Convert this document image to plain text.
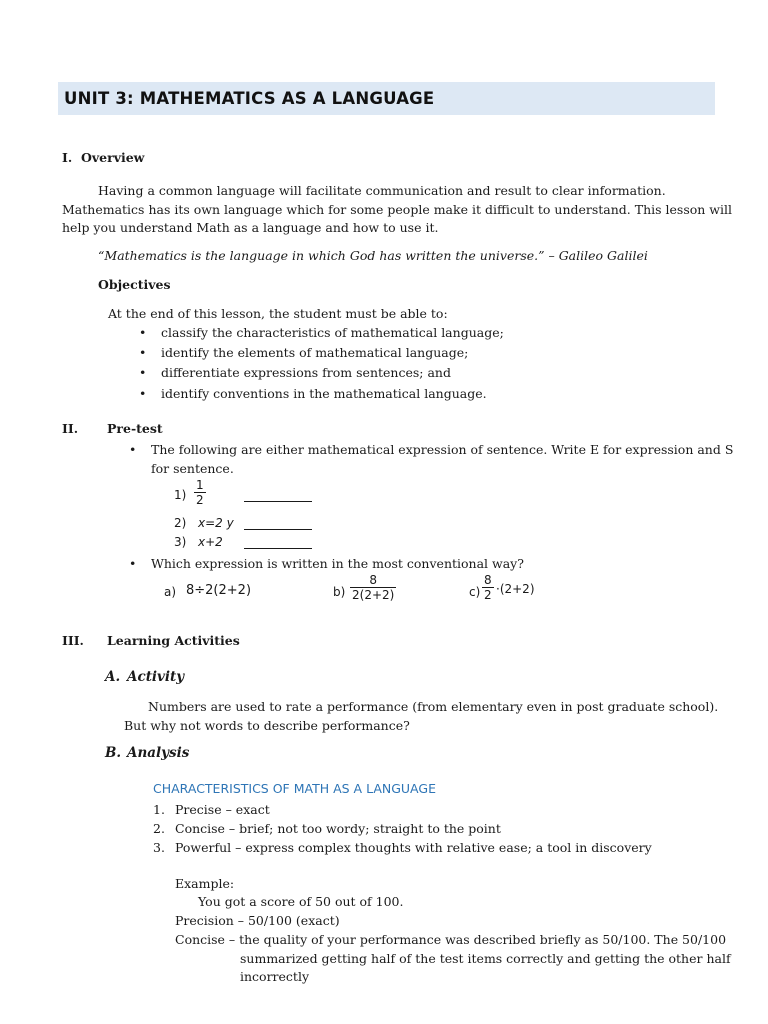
UNIT 3: MATHEMATICS AS A LANGUAGE
I. Overview
Having a common language will facilitate communication and result to clear information.
Mathematics has its own language which for some people make it difficult to understand. This lesson will
help you understand Math as a language and how to use it.
“Mathematics is the language in which God has written the universe.” – Galileo Galilei
Objectives
At the end of this lesson, the student must be able to:
• classify the characteristics of mathematical language;
• identify the elements of mathematical language;
• differentiate expressions from sentences; and
• identify conventions in the mathematical language.
II. Pre-test
• The following are either mathematical expression of sentence. Write E for expression and S
for sentence.
$1) \frac{1}{2}$
2) x=2 y
3) x+2
• Which expression is written in the most conventional way?
a) 8÷2(2+2)	$b) \frac{8}{2(2+2)}$	$c) \frac{8}{2} \cdot(2+2)$
III. Learning Activities
A. Activity
Numbers are used to rate a performance (from elementary even in post graduate school).
But why not words to describe performance?
B. Analysis
CHARACTERISTICS OF MATH AS A LANGUAGE
1. Precise – exact
2. Concise – brief; not too wordy; straight to the point
3. Powerful – express complex thoughts with relative ease; a tool in discovery
Example:
You got a score of 50 out of 100.
Precision – 50/100 (exact)
Concise – the quality of your performance was described briefly as 50/100. The 50/100
summarized getting half of the test items correctly and getting the other half
incorrectly
